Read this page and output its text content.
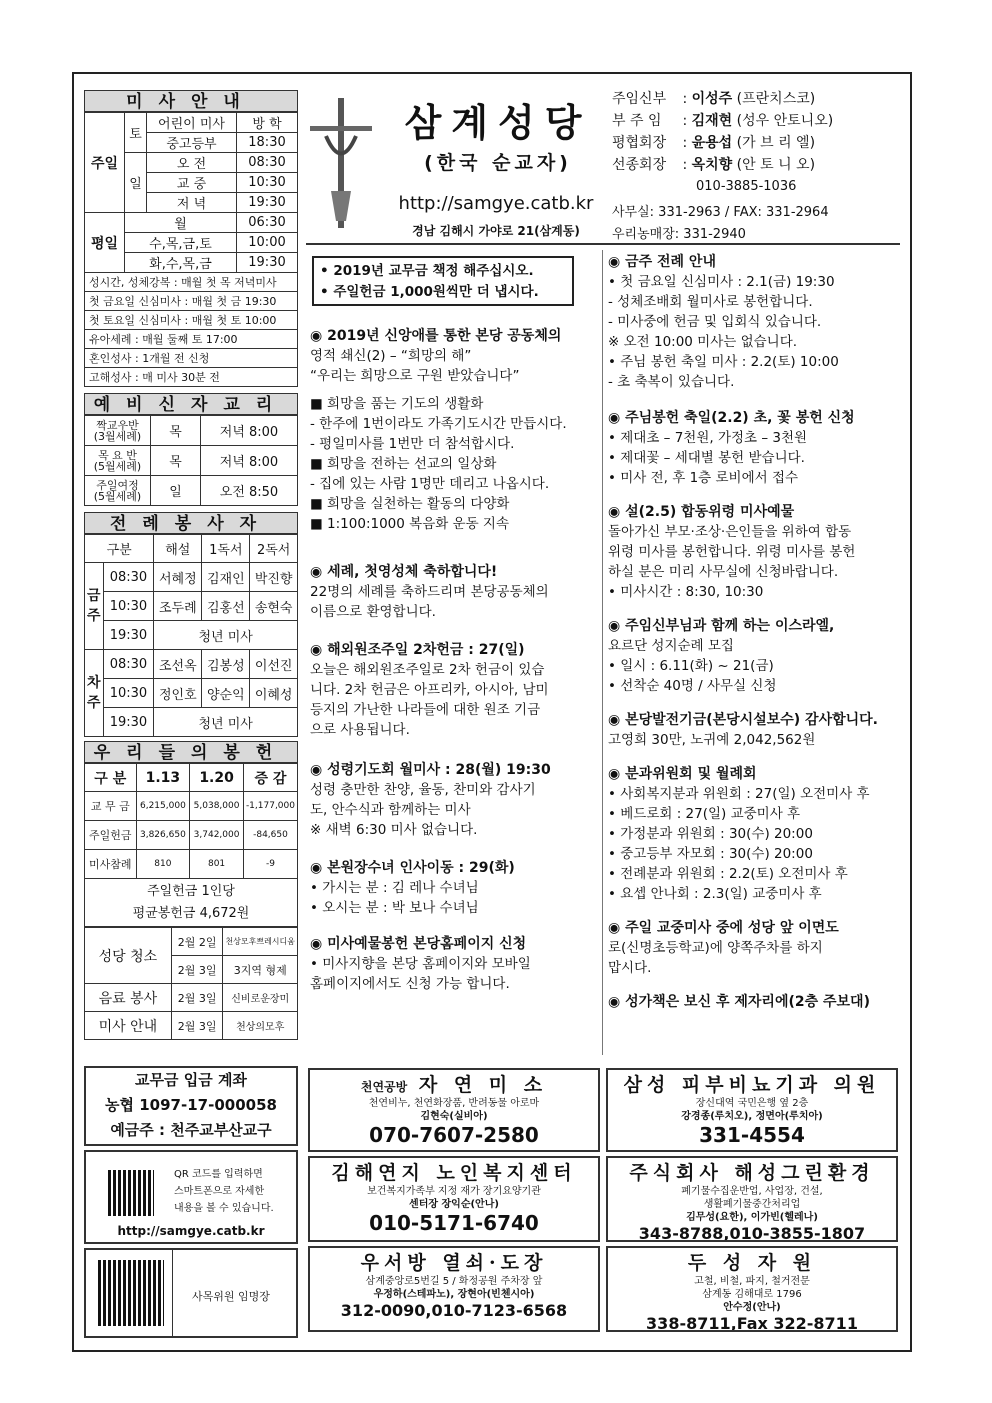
미사안내
주일	토	어린이 미사	방 학
		중고등부	18:30
	일	오 전	08:30
		교 중	10:30
		저 녁	19:30
평일	월		06:30
	수,목,금,토		10:00
	화,수,목,금		19:30
성시간, 성체강복 : 매월 첫 목 저녁미사
첫 금요일 신심미사 : 매월 첫 금 19:30
첫 토요일 신심미사 : 매월 첫 토 10:00
유아세례 : 매월 둘째 토 17:00
혼인성사 : 1개월 전 신청
고해성사 : 매 미사 30분 전
예비신자교리
짝교우반
(3월세례)	목	저녁 8:00
목 요 반
(5월세례)	목	저녁 8:00
주일여정
(5월세례)	일	오전 8:50
전례봉사자
구분		해설	1독서	2독서
금주	08:30	서혜정	김재인	박진향
	10:30	조두례	김홍선	송현숙
	19:30	청년 미사		
차주	08:30	조선옥	김봉성	이선진
	10:30	정인호	양순익	이혜성
	19:30	청년 미사		
우리들의봉헌
구 분	1.13	1.20	증 감
교 무 금	6,215,000	5,038,000	-1,177,000
주일헌금	3,826,650	3,742,000	-84,650
미사참례	810	801	-9
주일헌금 1인당
평균봉헌금 4,672원			
성당 청소	2월 2일	천상모후쁘레시디움
	2월 3일	3지역 형제
음료 봉사	2월 3일	신비로운장미
미사 안내	2월 3일	천상의모후
삼계성당
(한국 순교자)
http://samgye.catb.kr
경남 김해시 가야로 21(삼계동)
주임신부 : 이성주 (프란치스코)
부 주 임 : 김재현 (성우 안토니오)
평협회장 : 윤용섭 (가 브 리 엘)
선종회장 : 옥치향 (안 토 니 오)
010-3885-1036
사무실: 331-2963 / FAX: 331-2964
우리농매장: 331-2940
• 2019년 교무금 책정 해주십시오.
• 주일헌금 1,000원씩만 더 냅시다.

◉ 2019년 신앙애를 통한 본당 공동체의

영적 쇄신(2) – “희망의 해”

“우리는 희망으로 구원 받았습니다”

■ 희망을 품는 기도의 생활화

- 한주에 1번이라도 가족기도시간 만듭시다.

- 평일미사를 1번만 더 참석합시다.

■ 희망을 전하는 선교의 일상화

- 집에 있는 사람 1명만 데리고 나옵시다.

■ 희망을 실천하는 활동의 다양화

■ 1:100:1000 복음화 운동 지속

◉ 세례, 첫영성체 축하합니다!

22명의 세례를 축하드리며 본당공동체의

이름으로 환영합니다.

◉ 해외원조주일 2차헌금 : 27(일)

오늘은 해외원조주일로 2차 헌금이 있습

니다. 2차 헌금은 아프리카, 아시아, 남미

등지의 가난한 나라들에 대한 원조 기금

으로 사용됩니다.

◉ 성령기도회 월미사 : 28(월) 19:30

성령 충만한 찬양, 율동, 찬미와 감사기

도, 안수식과 함께하는 미사

※ 새벽 6:30 미사 없습니다.

◉ 본원장수녀 인사이동 : 29(화)

• 가시는 분 : 김 레나 수녀님

• 오시는 분 : 박 보나 수녀님

◉ 미사예물봉헌 본당홈페이지 신청

• 미사지향을 본당 홈페이지와 모바일

홈페이지에서도 신청 가능 합니다.

◉ 금주 전례 안내

• 첫 금요일 신심미사 : 2.1(금) 19:30

- 성체조배회 월미사로 봉헌합니다.

- 미사중에 헌금 및 입회식 있습니다.

※ 오전 10:00 미사는 없습니다.

• 주님 봉헌 축일 미사 : 2.2(토) 10:00

- 초 축복이 있습니다.

◉ 주님봉헌 축일(2.2) 초, 꽃 봉헌 신청

• 제대초 – 7천원, 가정초 – 3천원

• 제대꽃 – 세대별 봉헌 받습니다.

• 미사 전, 후 1층 로비에서 접수

◉ 설(2.5) 합동위령 미사예물

돌아가신 부모·조상·은인들을 위하여 합동

위령 미사를 봉헌합니다. 위령 미사를 봉헌

하실 분은 미리 사무실에 신청바랍니다.

• 미사시간 : 8:30, 10:30

◉ 주임신부님과 함께 하는 이스라엘,

요르단 성지순례 모집

• 일시 : 6.11(화) ~ 21(금)

• 선착순 40명 / 사무실 신청

◉ 본당발전기금(본당시설보수) 감사합니다.

고영희 30만, 노귀예 2,042,562원

◉ 분과위원회 및 월례회

• 사회복지분과 위원회 : 27(일) 오전미사 후

• 베드로회 : 27(일) 교중미사 후

• 가정분과 위원회 : 30(수) 20:00

• 중고등부 자모회 : 30(수) 20:00

• 전례분과 위원회 : 2.2(토) 오전미사 후

• 요셉 안나회 : 2.3(일) 교중미사 후

◉ 주일 교중미사 중에 성당 앞 이면도

로(신명초등학교)에 양쪽주차를 하지

맙시다.

◉ 성가책은 보신 후 제자리에(2층 주보대)

교무금 입금 계좌
농협 1097-17-000058
예금주 : 천주교부산교구
QR 코드를 입력하면
스마트폰으로 자세한
내용을 볼 수 있습니다.
http://samgye.catb.kr
사목위원 임명장
천연공방 자 연 미 소
천연비누, 천연화장품, 반려동물 아로마
김현숙(실비아)
070-7607-2580
삼성 피부비뇨기과 의원
장신대역 국민은행 옆 2층
강경종(루치오), 정면아(루치아)
331-4554
김해연지 노인복지센터
보건복지가족부 지정 재가 장기요양기관
센터장 장익순(안나)
010-5171-6740
주식회사 해성그린환경
폐기물수집운반업, 사업장, 건설,
생활폐기물중간처리업
김무성(요한), 이가빈(헬레나)
343-8788,010-3855-1807
우서방 열쇠·도장
삼계중앙로5번길 5 / 화정공원 주차장 앞
우정하(스테파노), 장현아(빈첸시아)
312-0090,010-7123-6568
두 성 자 원
고철, 비철, 파지, 철거전문
삼계동 김해대로 1796
안수정(안나)
338-8711,Fax 322-8711
